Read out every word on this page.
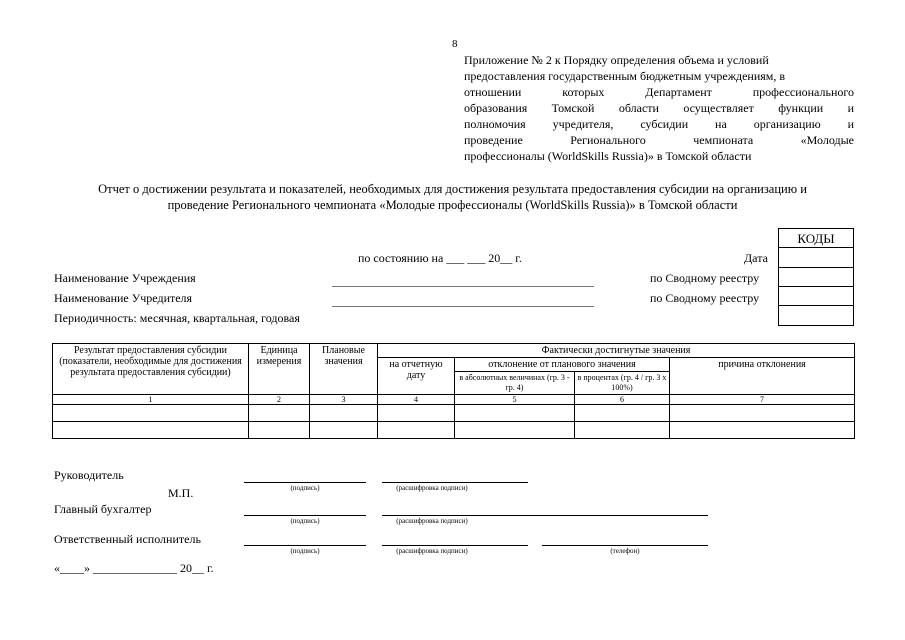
8
Приложение № 2 к Порядку определения объема и условий
предоставления государственным бюджетным учреждениям, в
отношении которых Департамент профессионального
образования Томской области осуществляет функции и
полномочия учредителя, субсидии на организацию и
проведение Регионального чемпионата «Молодые
профессионалы (WorldSkills Russia)» в Томской области
Отчет о достижении результата и показателей, необходимых для достижения результата предоставления субсидии на организацию и
проведение Регионального чемпионата «Молодые профессионалы (WorldSkills Russia)» в Томской области
КОДЫ
по состоянию на ___ ___ 20__ г.	Дата
Наименование Учреждения	по Сводному реестру
Наименование Учредителя	по Сводному реестру
Периодичность: месячная, квартальная, годовая
Результат предоставления субсидии (показатели, необходимые для достижения результата предоставления субсидии)	Единица измерения	Плановые значения	Фактически достигнутые значения			
			на отчетную дату	отклонение от планового значения		причина отклонения
				в абсолютных величинах (гр. 3 - гр. 4)	в процентах (гр. 4 / гр. 3 х 100%)	
1	2	3	4	5	6	7

Руководитель
М.П.	(подпись)	(расшифровка подписи)
Главный бухгалтер
(подпись)	(расшифровка подписи)
Ответственный исполнитель
(подпись)	(расшифровка подписи)	(телефон)
«____» ______________ 20__ г.
